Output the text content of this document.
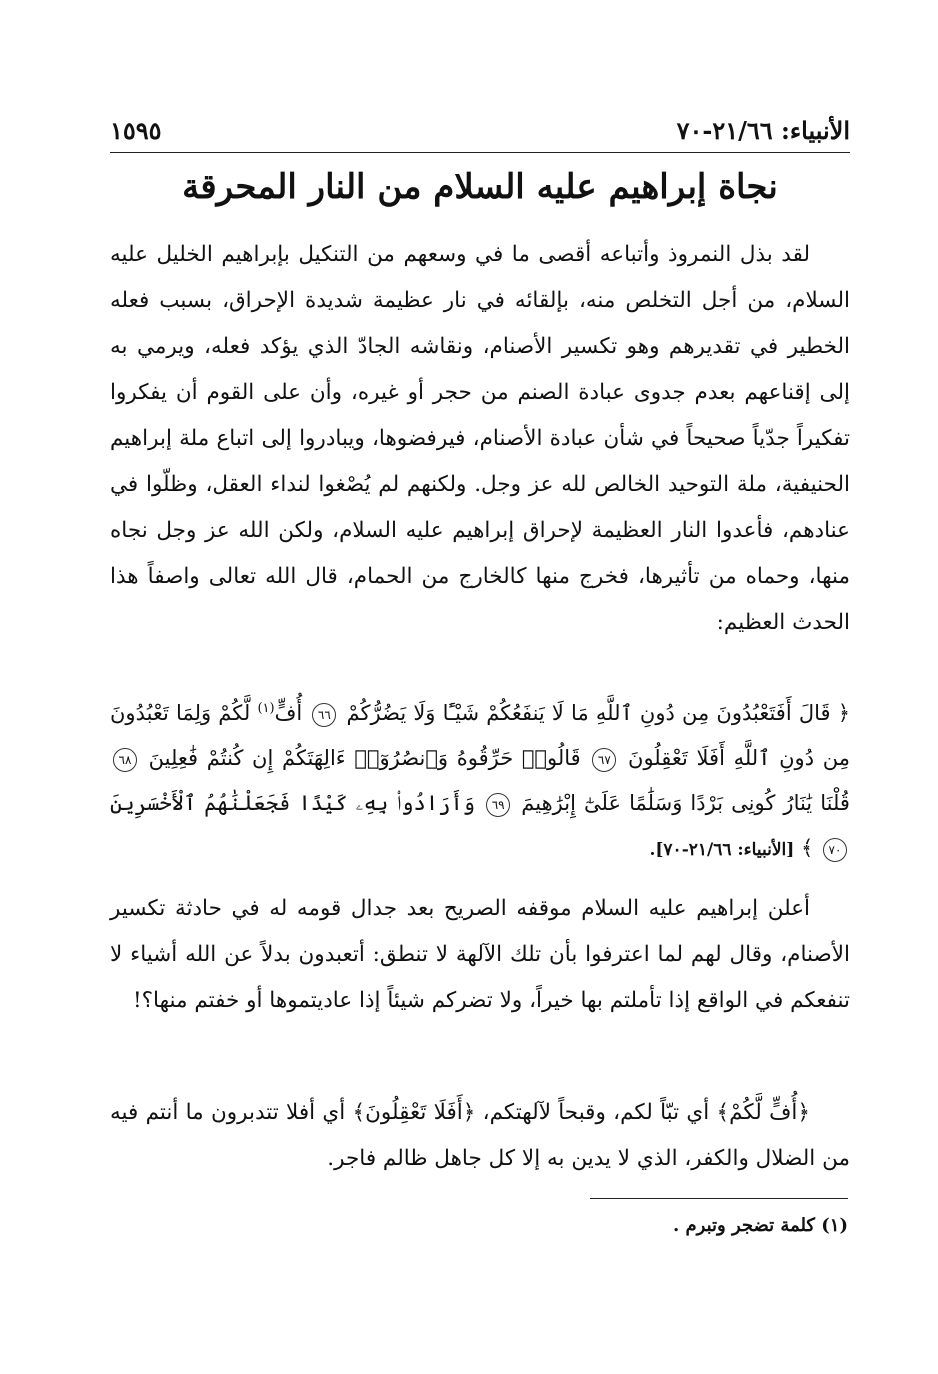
الأنبياء: ٢١/٦٦-٧٠
١٥٩٥
نجاة إبراهيم عليه السلام من النار المحرقة

لقد بذل النمروذ وأتباعه أقصى ما في وسعهم من التنكيل بإبراهيم الخليل عليه السلام، من أجل التخلص منه، بإلقائه في نار عظيمة شديدة الإحراق، بسبب فعله الخطير في تقديرهم وهو تكسير الأصنام، ونقاشه الجادّ الذي يؤكد فعله، ويرمي به إلى إقناعهم بعدم جدوى عبادة الصنم من حجر أو غيره، وأن على القوم أن يفكروا تفكيراً جدّياً صحيحاً في شأن عبادة الأصنام، فيرفضوها، ويبادروا إلى اتباع ملة إبراهيم الحنيفية، ملة التوحيد الخالص لله عز وجل. ولكنهم لم يُصْغوا لنداء العقل، وظلّوا في عنادهم، فأعدوا النار العظيمة لإحراق إبراهيم عليه السلام، ولكن الله عز وجل نجاه منها، وحماه من تأثيرها، فخرج منها كالخارج من الحمام، قال الله تعالى واصفاً هذا الحدث العظيم:

﴿ قَالَ أَفَتَعْبُدُونَ مِن دُونِ ٱللَّهِ مَا لَا يَنفَعُكُمْ شَيْـًٔا وَلَا يَضُرُّكُمْ ٦٦ أُفٍّ$^{(١)}$ لَّكُمْ وَلِمَا تَعْبُدُونَ مِن دُونِ ٱللَّهِ أَفَلَا تَعْقِلُونَ ٦٧ قَالُوا۟ حَرِّقُوهُ وَٱنصُرُوٓا۟ ءَالِهَتَكُمْ إِن كُنتُمْ فَٰعِلِينَ ٦٨ قُلْنَا يَٰنَارُ كُونِى بَرْدًا وَسَلَٰمًا عَلَىٰٓ إِبْرَٰهِيمَ ٦٩ وَأَرَادُوا۟ بِهِۦ كَيْدًا فَجَعَلْنَٰهُمُ ٱلْأَخْسَرِينَ ٧٠ ﴾ [الأنبياء: ٢١/٦٦-٧٠].

أعلن إبراهيم عليه السلام موقفه الصريح بعد جدال قومه له في حادثة تكسير الأصنام، وقال لهم لما اعترفوا بأن تلك الآلهة لا تنطق: أتعبدون بدلاً عن الله أشياء لا تنفعكم في الواقع إذا تأملتم بها خيراً، ولا تضركم شيئاً إذا عاديتموها أو خفتم منها؟!

﴿أُفٍّ لَّكُمْ﴾ أي تبّاً لكم، وقبحاً لآلهتكم، ﴿أَفَلَا تَعْقِلُونَ﴾ أي أفلا تتدبرون ما أنتم فيه من الضلال والكفر، الذي لا يدين به إلا كل جاهل ظالم فاجر.

(١) كلمة تضجر وتبرم .
